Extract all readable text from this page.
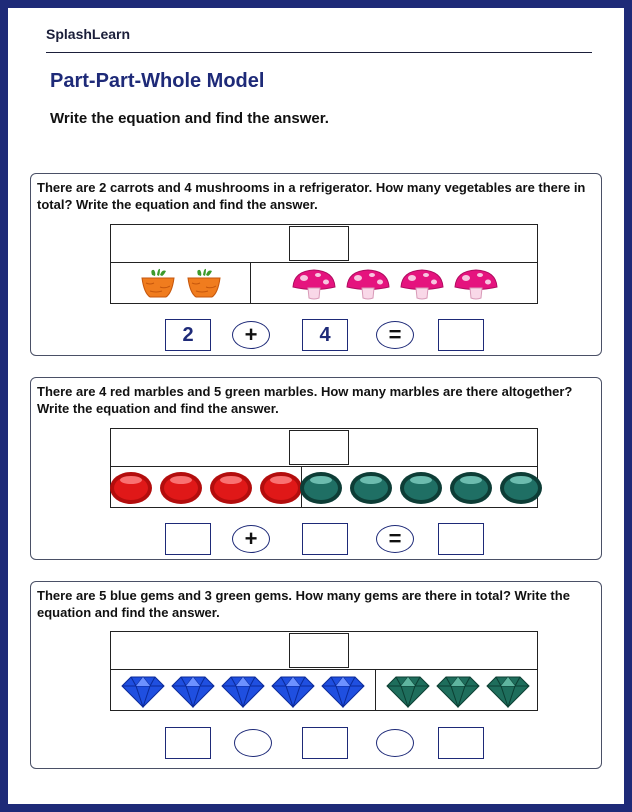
SplashLearn
Part-Part-Whole Model
Write the equation and find the answer.
There are 2 carrots and 4 mushrooms in a refrigerator. How many vegetables are there in total? Write the equation and find the answer.
2	+	4	=
There are 4 red marbles and 5 green marbles. How many marbles are there altogether? Write the equation and find the answer.
+	=
There are 5 blue gems and 3 green gems. How many gems are there in total? Write the equation and find the answer.
